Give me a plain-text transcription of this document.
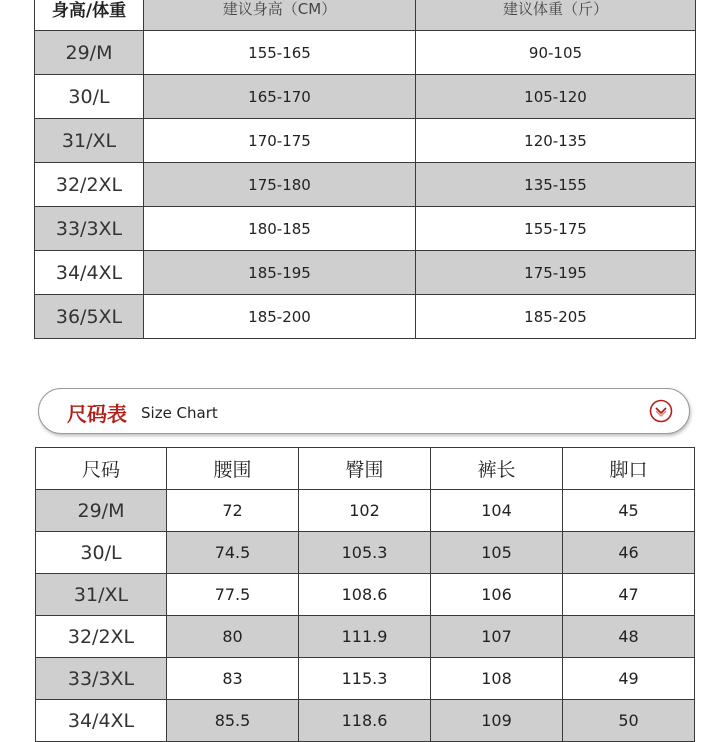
身高/体重	建议身高（CM）	建议体重（斤）
29/M	155-165	90-105
30/L	165-170	105-120
31/XL	170-175	120-135
32/2XL	175-180	135-155
33/3XL	180-185	155-175
34/4XL	185-195	175-195
36/5XL	185-200	185-205
尺码表 Size Chart
尺码	腰围	臀围	裤长	脚口
29/M	72	102	104	45
30/L	74.5	105.3	105	46
31/XL	77.5	108.6	106	47
32/2XL	80	111.9	107	48
33/3XL	83	115.3	108	49
34/4XL	85.5	118.6	109	50
